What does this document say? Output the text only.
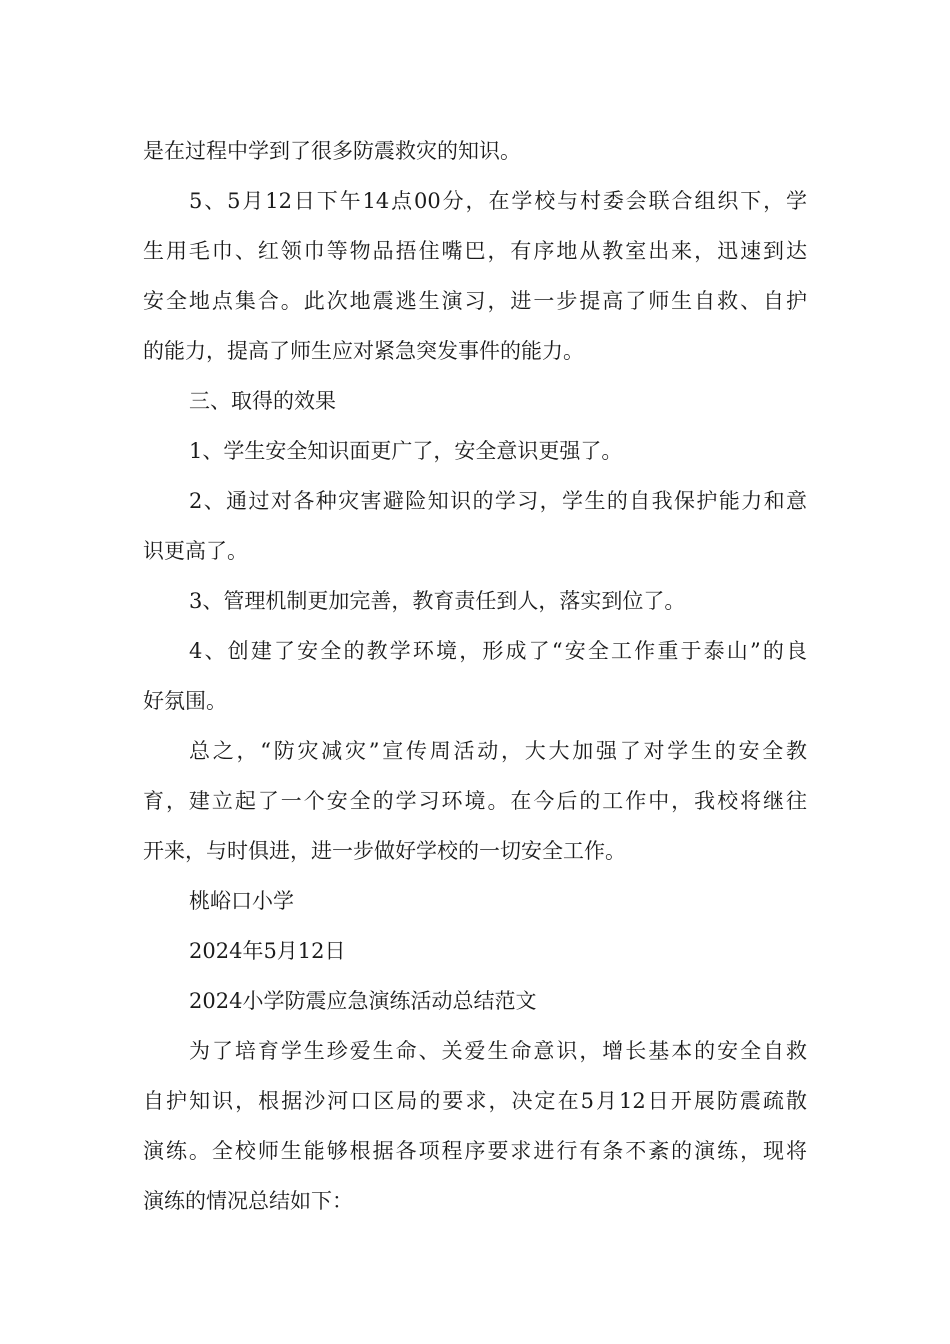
是在过程中学到了很多防震救灾的知识。
5、5月12日下午14点00分，在学校与村委会联合组织下，学
生用毛巾、红领巾等物品捂住嘴巴，有序地从教室出来，迅速到达
安全地点集合。此次地震逃生演习，进一步提高了师生自救、自护
的能力，提高了师生应对紧急突发事件的能力。
三、取得的效果
1、学生安全知识面更广了，安全意识更强了。
2、通过对各种灾害避险知识的学习，学生的自我保护能力和意
识更高了。
3、管理机制更加完善，教育责任到人，落实到位了。
4、创建了安全的教学环境，形成了“安全工作重于泰山”的良
好氛围。
总之，“防灾减灾”宣传周活动，大大加强了对学生的安全教
育，建立起了一个安全的学习环境。在今后的工作中，我校将继往
开来，与时俱进，进一步做好学校的一切安全工作。
桃峪口小学
2024年5月12日
2024小学防震应急演练活动总结范文
为了培育学生珍爱生命、关爱生命意识，增长基本的安全自救
自护知识，根据沙河口区局的要求，决定在5月12日开展防震疏散
演练。全校师生能够根据各项程序要求进行有条不紊的演练，现将
演练的情况总结如下：
